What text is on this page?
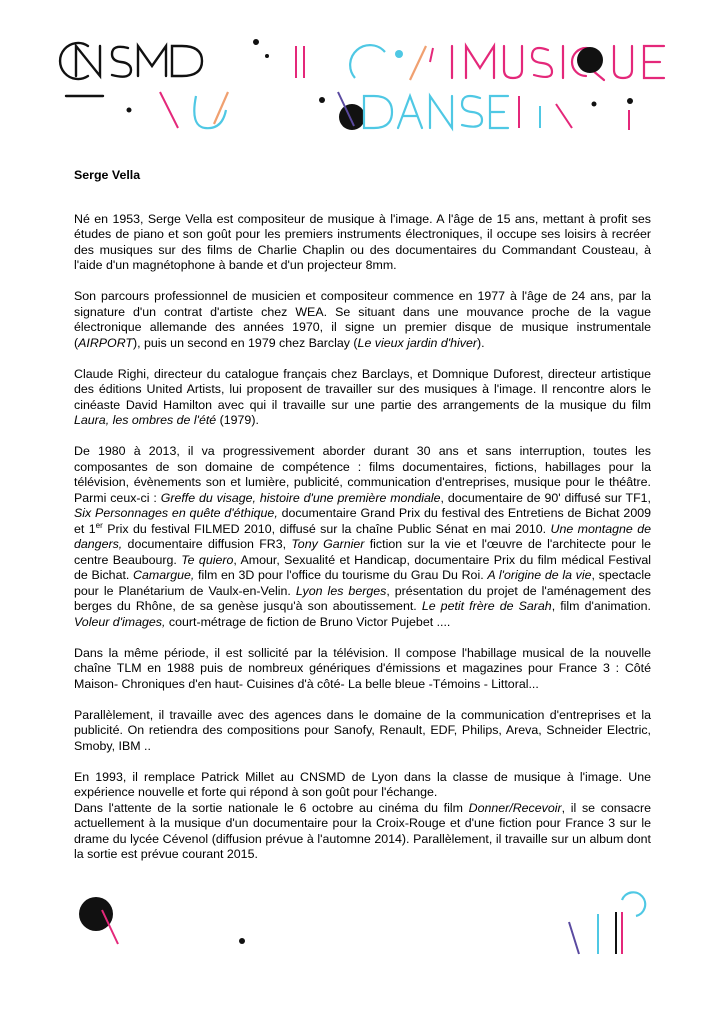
Serge Vella

Né en 1953, Serge Vella est compositeur de musique à l'image. A l'âge de 15 ans, mettant à profit ses études de piano et son goût pour les premiers instruments électroniques, il occupe ses loisirs à recréer des musiques sur des films de Charlie Chaplin ou des documentaires du Commandant Cousteau, à l'aide d'un magnétophone à bande et d'un projecteur 8mm.

Son parcours professionnel de musicien et compositeur commence en 1977 à l'âge de 24 ans, par la signature d'un contrat d'artiste chez WEA. Se situant dans une mouvance proche de la vague électronique allemande des années 1970, il signe un premier disque de musique instrumentale (AIRPORT), puis un second en 1979 chez Barclay (Le vieux jardin d'hiver).

Claude Righi, directeur du catalogue français chez Barclays, et Domnique Duforest, directeur artistique des éditions United Artists, lui proposent de travailler sur des musiques à l'image. Il rencontre alors le cinéaste David Hamilton avec qui il travaille sur une partie des arrangements de la musique du film Laura, les ombres de l'été (1979).

De 1980 à 2013, il va progressivement aborder durant 30 ans et sans interruption, toutes les composantes de son domaine de compétence : films documentaires, fictions, habillages pour la télévision, évènements son et lumière, publicité, communication d'entreprises, musique pour le théâtre. Parmi ceux-ci : Greffe du visage, histoire d'une première mondiale, documentaire de 90' diffusé sur TF1, Six Personnages en quête d'éthique, documentaire Grand Prix du festival des Entretiens de Bichat 2009 et 1er Prix du festival FILMED 2010, diffusé sur la chaîne Public Sénat en mai 2010. Une montagne de dangers, documentaire diffusion FR3, Tony Garnier fiction sur la vie et l'œuvre de l'architecte pour le centre Beaubourg. Te quiero, Amour, Sexualité et Handicap, documentaire Prix du film médical Festival de Bichat. Camargue, film en 3D pour l'office du tourisme du Grau Du Roi. A l'origine de la vie, spectacle pour le Planétarium de Vaulx-en-Velin. Lyon les berges, présentation du projet de l'aménagement des berges du Rhône, de sa genèse jusqu'à son aboutissement. Le petit frère de Sarah, film d'animation. Voleur d'images, court-métrage de fiction de Bruno Victor Pujebet ....

Dans la même période, il est sollicité par la télévision. Il compose l'habillage musical de la nouvelle chaîne TLM en 1988 puis de nombreux génériques d'émissions et magazines pour France 3 : Côté Maison- Chroniques d'en haut- Cuisines d'à côté- La belle bleue -Témoins - Littoral...

Parallèlement, il travaille avec des agences dans le domaine de la communication d'entreprises et la publicité. On retiendra des compositions pour Sanofy, Renault, EDF, Philips, Areva, Schneider Electric, Smoby, IBM ..

En 1993, il remplace Patrick Millet au CNSMD de Lyon dans la classe de musique à l'image. Une expérience nouvelle et forte qui répond à son goût pour l'échange.

Dans l'attente de la sortie nationale le 6 octobre au cinéma du film Donner/Recevoir, il se consacre actuellement à la musique d'un documentaire pour la Croix-Rouge et d'une fiction pour France 3 sur le drame du lycée Cévenol (diffusion prévue à l'automne 2014). Parallèlement, il travaille sur un album dont la sortie est prévue courant 2015.
